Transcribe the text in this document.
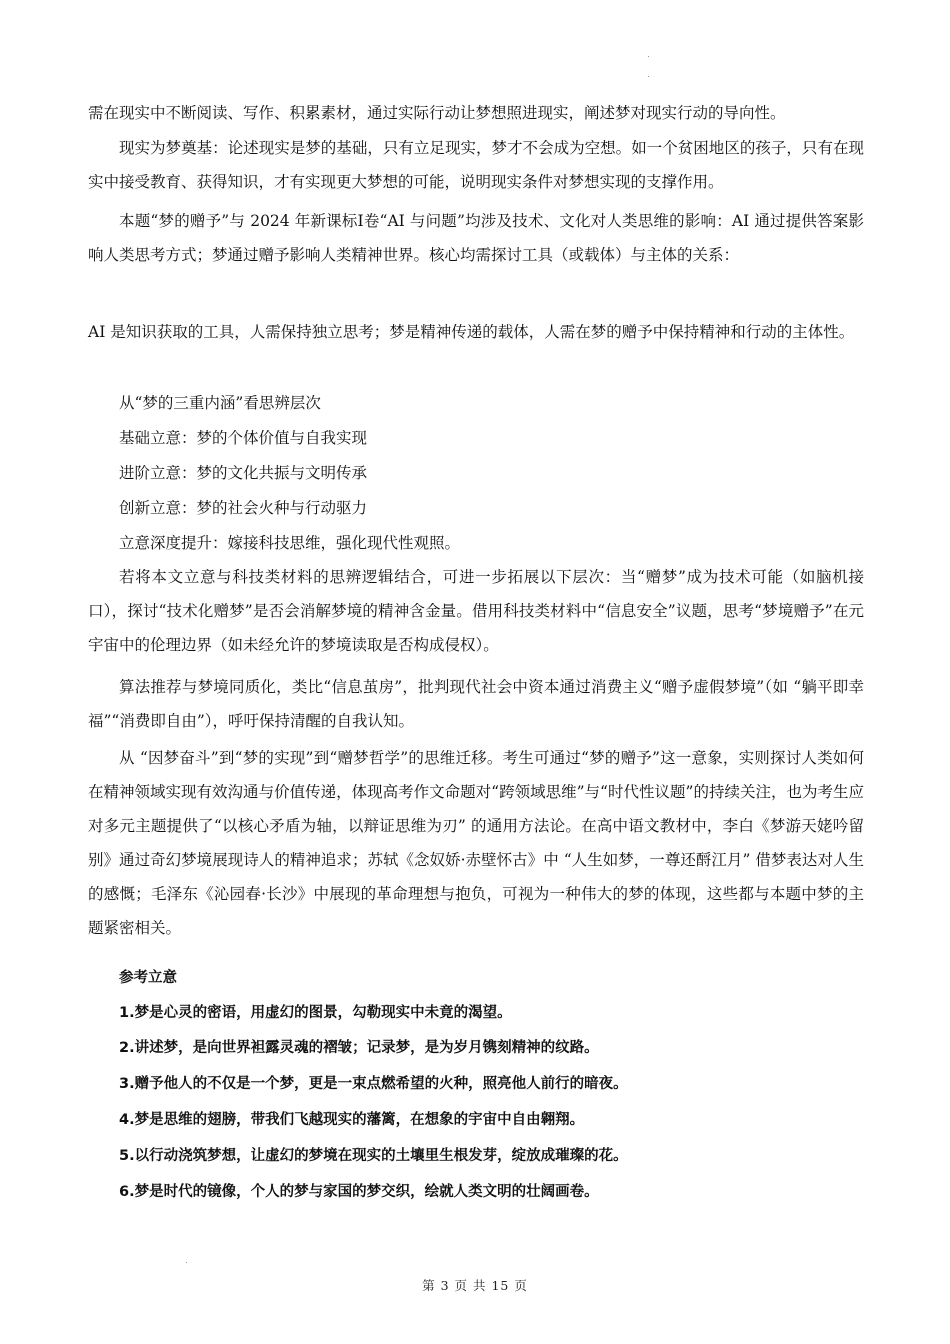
需在现实中不断阅读、写作、积累素材，通过实际行动让梦想照进现实，阐述梦对现实行动的导向性。

现实为梦奠基：论述现实是梦的基础，只有立足现实，梦才不会成为空想。如一个贫困地区的孩子，只有在现实中接受教育、获得知识，才有实现更大梦想的可能，说明现实条件对梦想实现的支撑作用。

本题“梦的赠予”与 2024 年新课标Ⅰ卷“AI 与问题”均涉及技术、文化对人类思维的影响：AI 通过提供答案影响人类思考方式；梦通过赠予影响人类精神世界。核心均需探讨工具（或载体）与主体的关系：

AI 是知识获取的工具，人需保持独立思考；梦是精神传递的载体，人需在梦的赠予中保持精神和行动的主体性。

从“梦的三重内涵”看思辨层次

基础立意：梦的个体价值与自我实现

进阶立意：梦的文化共振与文明传承

创新立意：梦的社会火种与行动驱力

立意深度提升：嫁接科技思维，强化现代性观照。

若将本文立意与科技类材料的思辨逻辑结合，可进一步拓展以下层次：当“赠梦”成为技术可能（如脑机接口），探讨“技术化赠梦”是否会消解梦境的精神含金量。借用科技类材料中“信息安全”议题，思考“梦境赠予”在元宇宙中的伦理边界（如未经允许的梦境读取是否构成侵权）。

算法推荐与梦境同质化，类比“信息茧房”，批判现代社会中资本通过消费主义“赠予虚假梦境”（如 “躺平即幸福”“消费即自由”），呼吁保持清醒的自我认知。

从 “因梦奋斗”到“梦的实现”到“赠梦哲学”的思维迁移。考生可通过“梦的赠予”这一意象，实则探讨人类如何在精神领域实现有效沟通与价值传递，体现高考作文命题对“跨领域思维”与“时代性议题”的持续关注，也为考生应对多元主题提供了“以核心矛盾为轴，以辩证思维为刃” 的通用方法论。在高中语文教材中，李白《梦游天姥吟留别》通过奇幻梦境展现诗人的精神追求；苏轼《念奴娇·赤壁怀古》中 “人生如梦，一尊还酹江月” 借梦表达对人生的感慨；毛泽东《沁园春·长沙》中展现的革命理想与抱负，可视为一种伟大的梦的体现，这些都与本题中梦的主题紧密相关。

参考立意

1.梦是心灵的密语，用虚幻的图景，勾勒现实中未竟的渴望。

2.讲述梦，是向世界袒露灵魂的褶皱；记录梦，是为岁月镌刻精神的纹路。

3.赠予他人的不仅是一个梦，更是一束点燃希望的火种，照亮他人前行的暗夜。

4.梦是思维的翅膀，带我们飞越现实的藩篱，在想象的宇宙中自由翱翔。

5.以行动浇筑梦想，让虚幻的梦境在现实的土壤里生根发芽，绽放成璀璨的花。

6.梦是时代的镜像，个人的梦与家国的梦交织，绘就人类文明的壮阔画卷。

第 3 页 共 15 页
